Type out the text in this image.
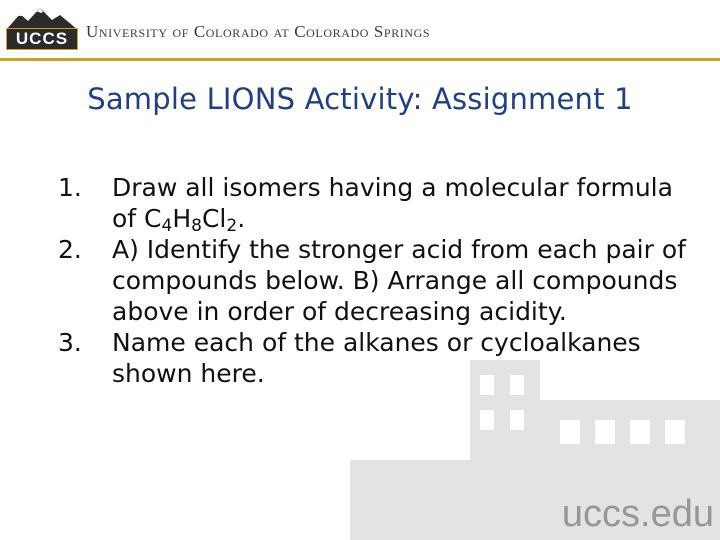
UCCS	University of Colorado at Colorado Springs
Sample LIONS Activity: Assignment 1
1. Draw all isomers having a molecular formula of $C_4H_8Cl_2$.
2. A) Identify the stronger acid from each pair of compounds below. B) Arrange all compounds above in order of decreasing acidity.
3. Name each of the alkanes or cycloalkanes shown here.
uccs.edu
